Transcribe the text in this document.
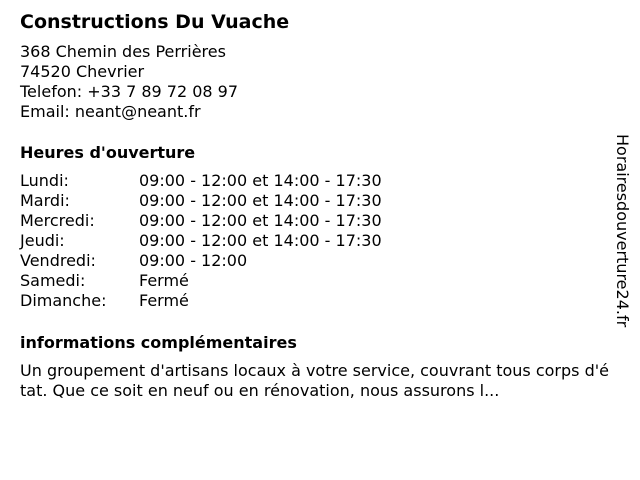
Constructions Du Vuache
368 Chemin des Perrières
74520 Chevrier
Telefon: +33 7 89 72 08 97
Email: neant@neant.fr
Heures d'ouverture
Lundi:	09:00 - 12:00 et 14:00 - 17:30
Mardi:	09:00 - 12:00 et 14:00 - 17:30
Mercredi:	09:00 - 12:00 et 14:00 - 17:30
Jeudi:	09:00 - 12:00 et 14:00 - 17:30
Vendredi:	09:00 - 12:00
Samedi:	Fermé
Dimanche:	Fermé
informations complémentaires
Un groupement d'artisans locaux à votre service, couvrant tous corps d'état. Que ce soit en neuf ou en rénovation, nous assurons l...
Horairesdouverture24.fr
